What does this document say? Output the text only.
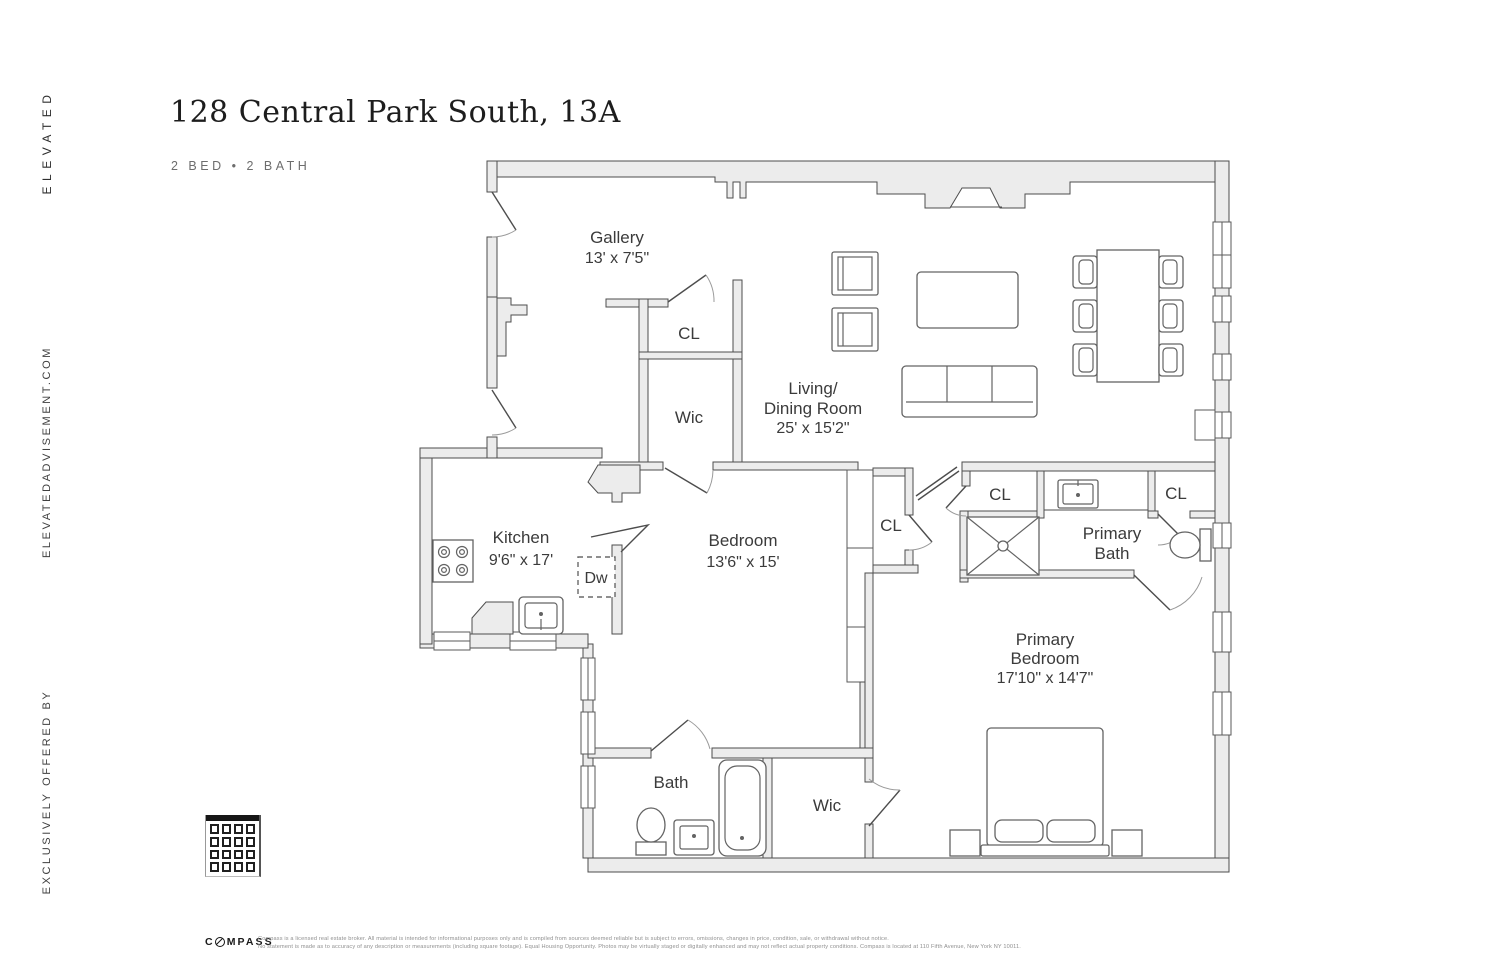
ELEVATED
ELEVATEDADVISEMENT.COM
EXCLUSIVELY OFFERED BY
128 Central Park South, 13A
2 BED • 2 BATH
Gallery
13' x 7'5"
CL
Wic
Living/
Dining Room
25' x 15'2"
Kitchen
9'6" x 17'
Dw
Bedroom
13'6" x 15'
CL
CL
Primary
Bath
CL
Primary
Bedroom
17'10" x 14'7"
Bath
Wic
C MPASS
Compass is a licensed real estate broker. All material is intended for informational purposes only and is compiled from sources deemed reliable but is subject to errors, omissions, changes in price, condition, sale, or withdrawal without notice.
No statement is made as to accuracy of any description or measurements (including square footage). Equal Housing Opportunity. Photos may be virtually staged or digitally enhanced and may not reflect actual property conditions. Compass is located at 110 Fifth Avenue, New York NY 10011.
